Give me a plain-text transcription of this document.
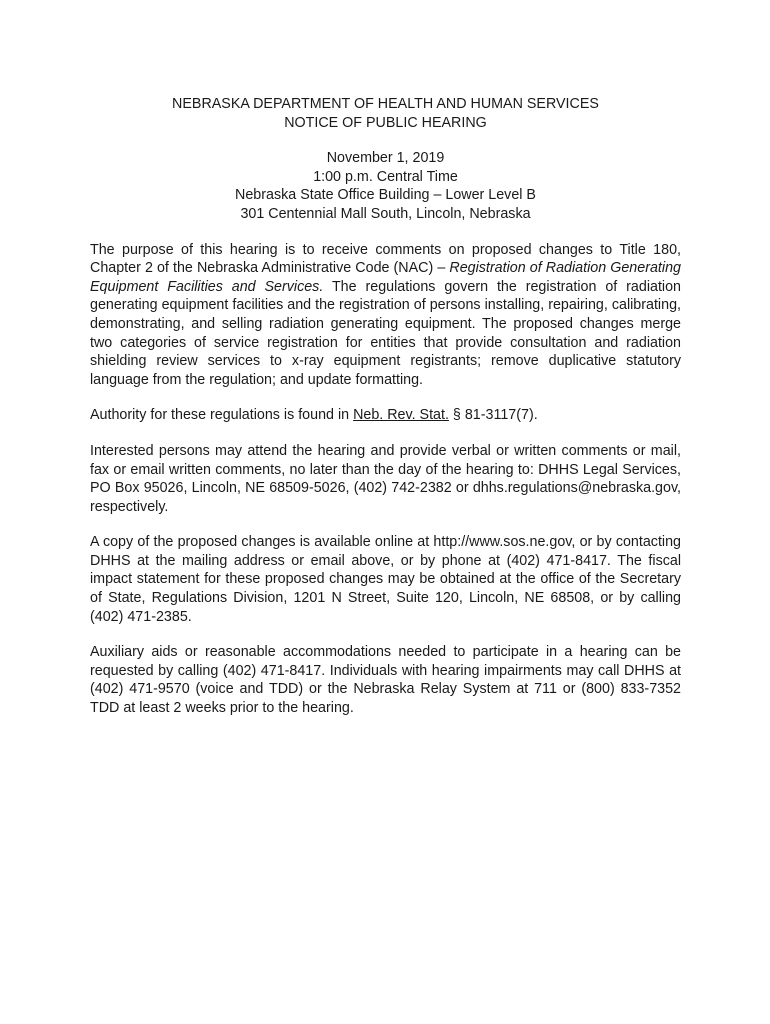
NEBRASKA DEPARTMENT OF HEALTH AND HUMAN SERVICES

NOTICE OF PUBLIC HEARING

November 1, 2019

1:00 p.m. Central Time

Nebraska State Office Building – Lower Level B

301 Centennial Mall South, Lincoln, Nebraska

The purpose of this hearing is to receive comments on proposed changes to Title 180, Chapter 2 of the Nebraska Administrative Code (NAC) – Registration of Radiation Generating Equipment Facilities and Services. The regulations govern the registration of radiation generating equipment facilities and the registration of persons installing, repairing, calibrating, demonstrating, and selling radiation generating equipment. The proposed changes merge two categories of service registration for entities that provide consultation and radiation shielding review services to x-ray equipment registrants; remove duplicative statutory language from the regulation; and update formatting.

Authority for these regulations is found in Neb. Rev. Stat. § 81-3117(7).

Interested persons may attend the hearing and provide verbal or written comments or mail, fax or email written comments, no later than the day of the hearing to: DHHS Legal Services, PO Box 95026, Lincoln, NE 68509-5026, (402) 742-2382 or dhhs.regulations@nebraska.gov, respectively.

A copy of the proposed changes is available online at http://www.sos.ne.gov, or by contacting DHHS at the mailing address or email above, or by phone at (402) 471-8417. The fiscal impact statement for these proposed changes may be obtained at the office of the Secretary of State, Regulations Division, 1201 N Street, Suite 120, Lincoln, NE 68508, or by calling (402) 471-2385.

Auxiliary aids or reasonable accommodations needed to participate in a hearing can be requested by calling (402) 471-8417. Individuals with hearing impairments may call DHHS at (402) 471-9570 (voice and TDD) or the Nebraska Relay System at 711 or (800) 833-7352 TDD at least 2 weeks prior to the hearing.
